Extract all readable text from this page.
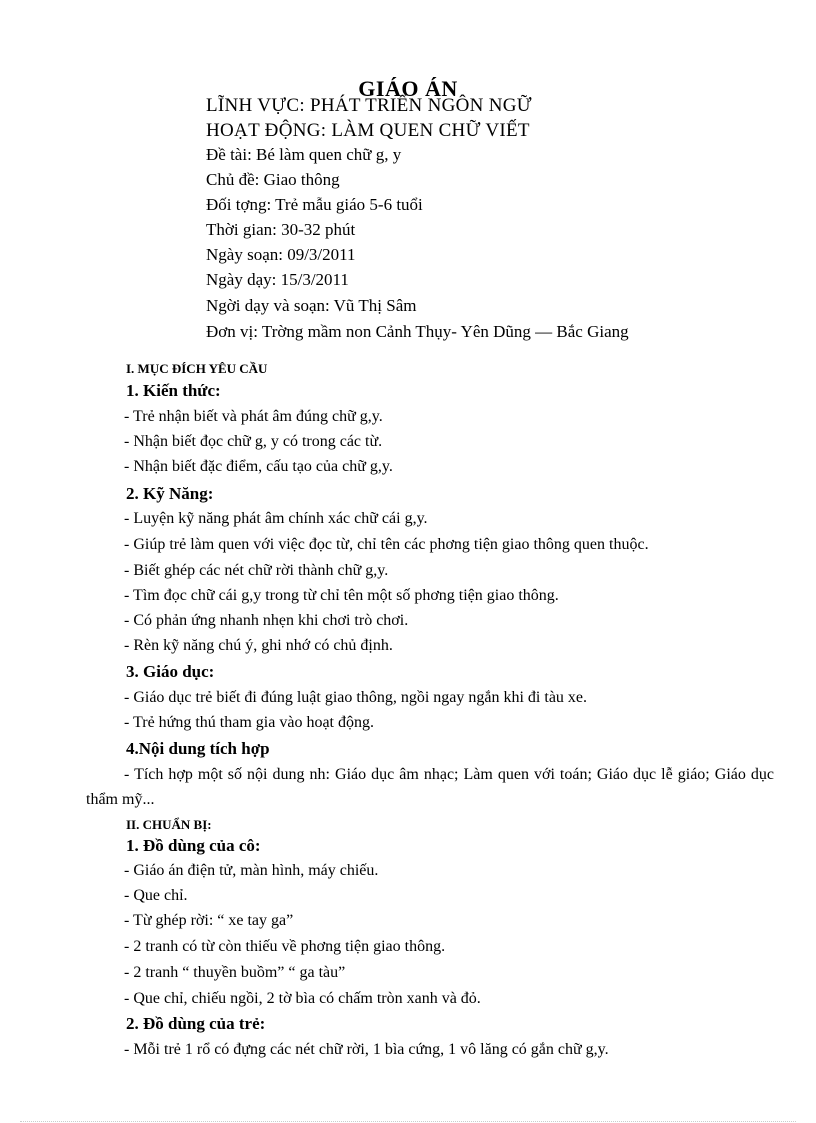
GIÁO ÁN
LĨNH VỰC: PHÁT TRIỂN NGÔN NGỮ
HOẠT ĐỘNG: LÀM QUEN CHỮ VIẾT
Đề tài: Bé làm quen chữ g, y
Chủ đề: Giao thông
Đối tợng: Trẻ mẫu giáo 5-6 tuổi
Thời gian: 30-32 phút
Ngày soạn: 09/3/2011
Ngày dạy: 15/3/2011
Ngời dạy và soạn: Vũ Thị Sâm
Đơn vị: Trờng mầm non Cảnh Thụy- Yên Dũng — Bắc Giang
I. MỤC ĐÍCH YÊU CẦU
1. Kiến thức:
- Trẻ nhận biết và phát âm đúng chữ g,y.
- Nhận biết đọc chữ g, y có trong các từ.
- Nhận biết đặc điểm, cấu tạo của chữ g,y.
2. Kỹ Năng:
- Luyện kỹ năng phát âm chính xác chữ cái g,y.
- Giúp trẻ làm quen với việc đọc từ, chỉ tên các phơng tiện giao thông quen thuộc.
- Biết ghép các nét chữ rời thành chữ g,y.
- Tìm đọc chữ cái g,y trong từ chỉ tên một số phơng tiện giao thông.
- Có phản ứng nhanh nhẹn khi chơi trò chơi.
- Rèn kỹ năng chú ý, ghi nhớ có chủ định.
3. Giáo dục:
- Giáo dục trẻ biết đi đúng luật giao thông, ngồi ngay ngắn khi đi tàu xe.
- Trẻ hứng thú tham gia vào hoạt động.
4.Nội dung tích hợp
- Tích hợp một số nội dung nh: Giáo dục âm nhạc; Làm quen với toán; Giáo dục lễ giáo; Giáo dục thẩm mỹ...
II. CHUẨN BỊ:
1. Đồ dùng của cô:
- Giáo án điện tử, màn hình, máy chiếu.
- Que chỉ.
- Từ ghép rời: “ xe tay ga”
- 2 tranh có từ còn thiếu về phơng tiện giao thông.
- 2 tranh “ thuyền buồm” “ ga tàu”
- Que chỉ, chiếu ngồi, 2 tờ bìa có chấm tròn xanh và đỏ.
2. Đồ dùng của trẻ:
- Mỗi trẻ 1 rổ có đựng các nét chữ rời, 1 bìa cứng, 1 vô lăng có gắn chữ g,y.
